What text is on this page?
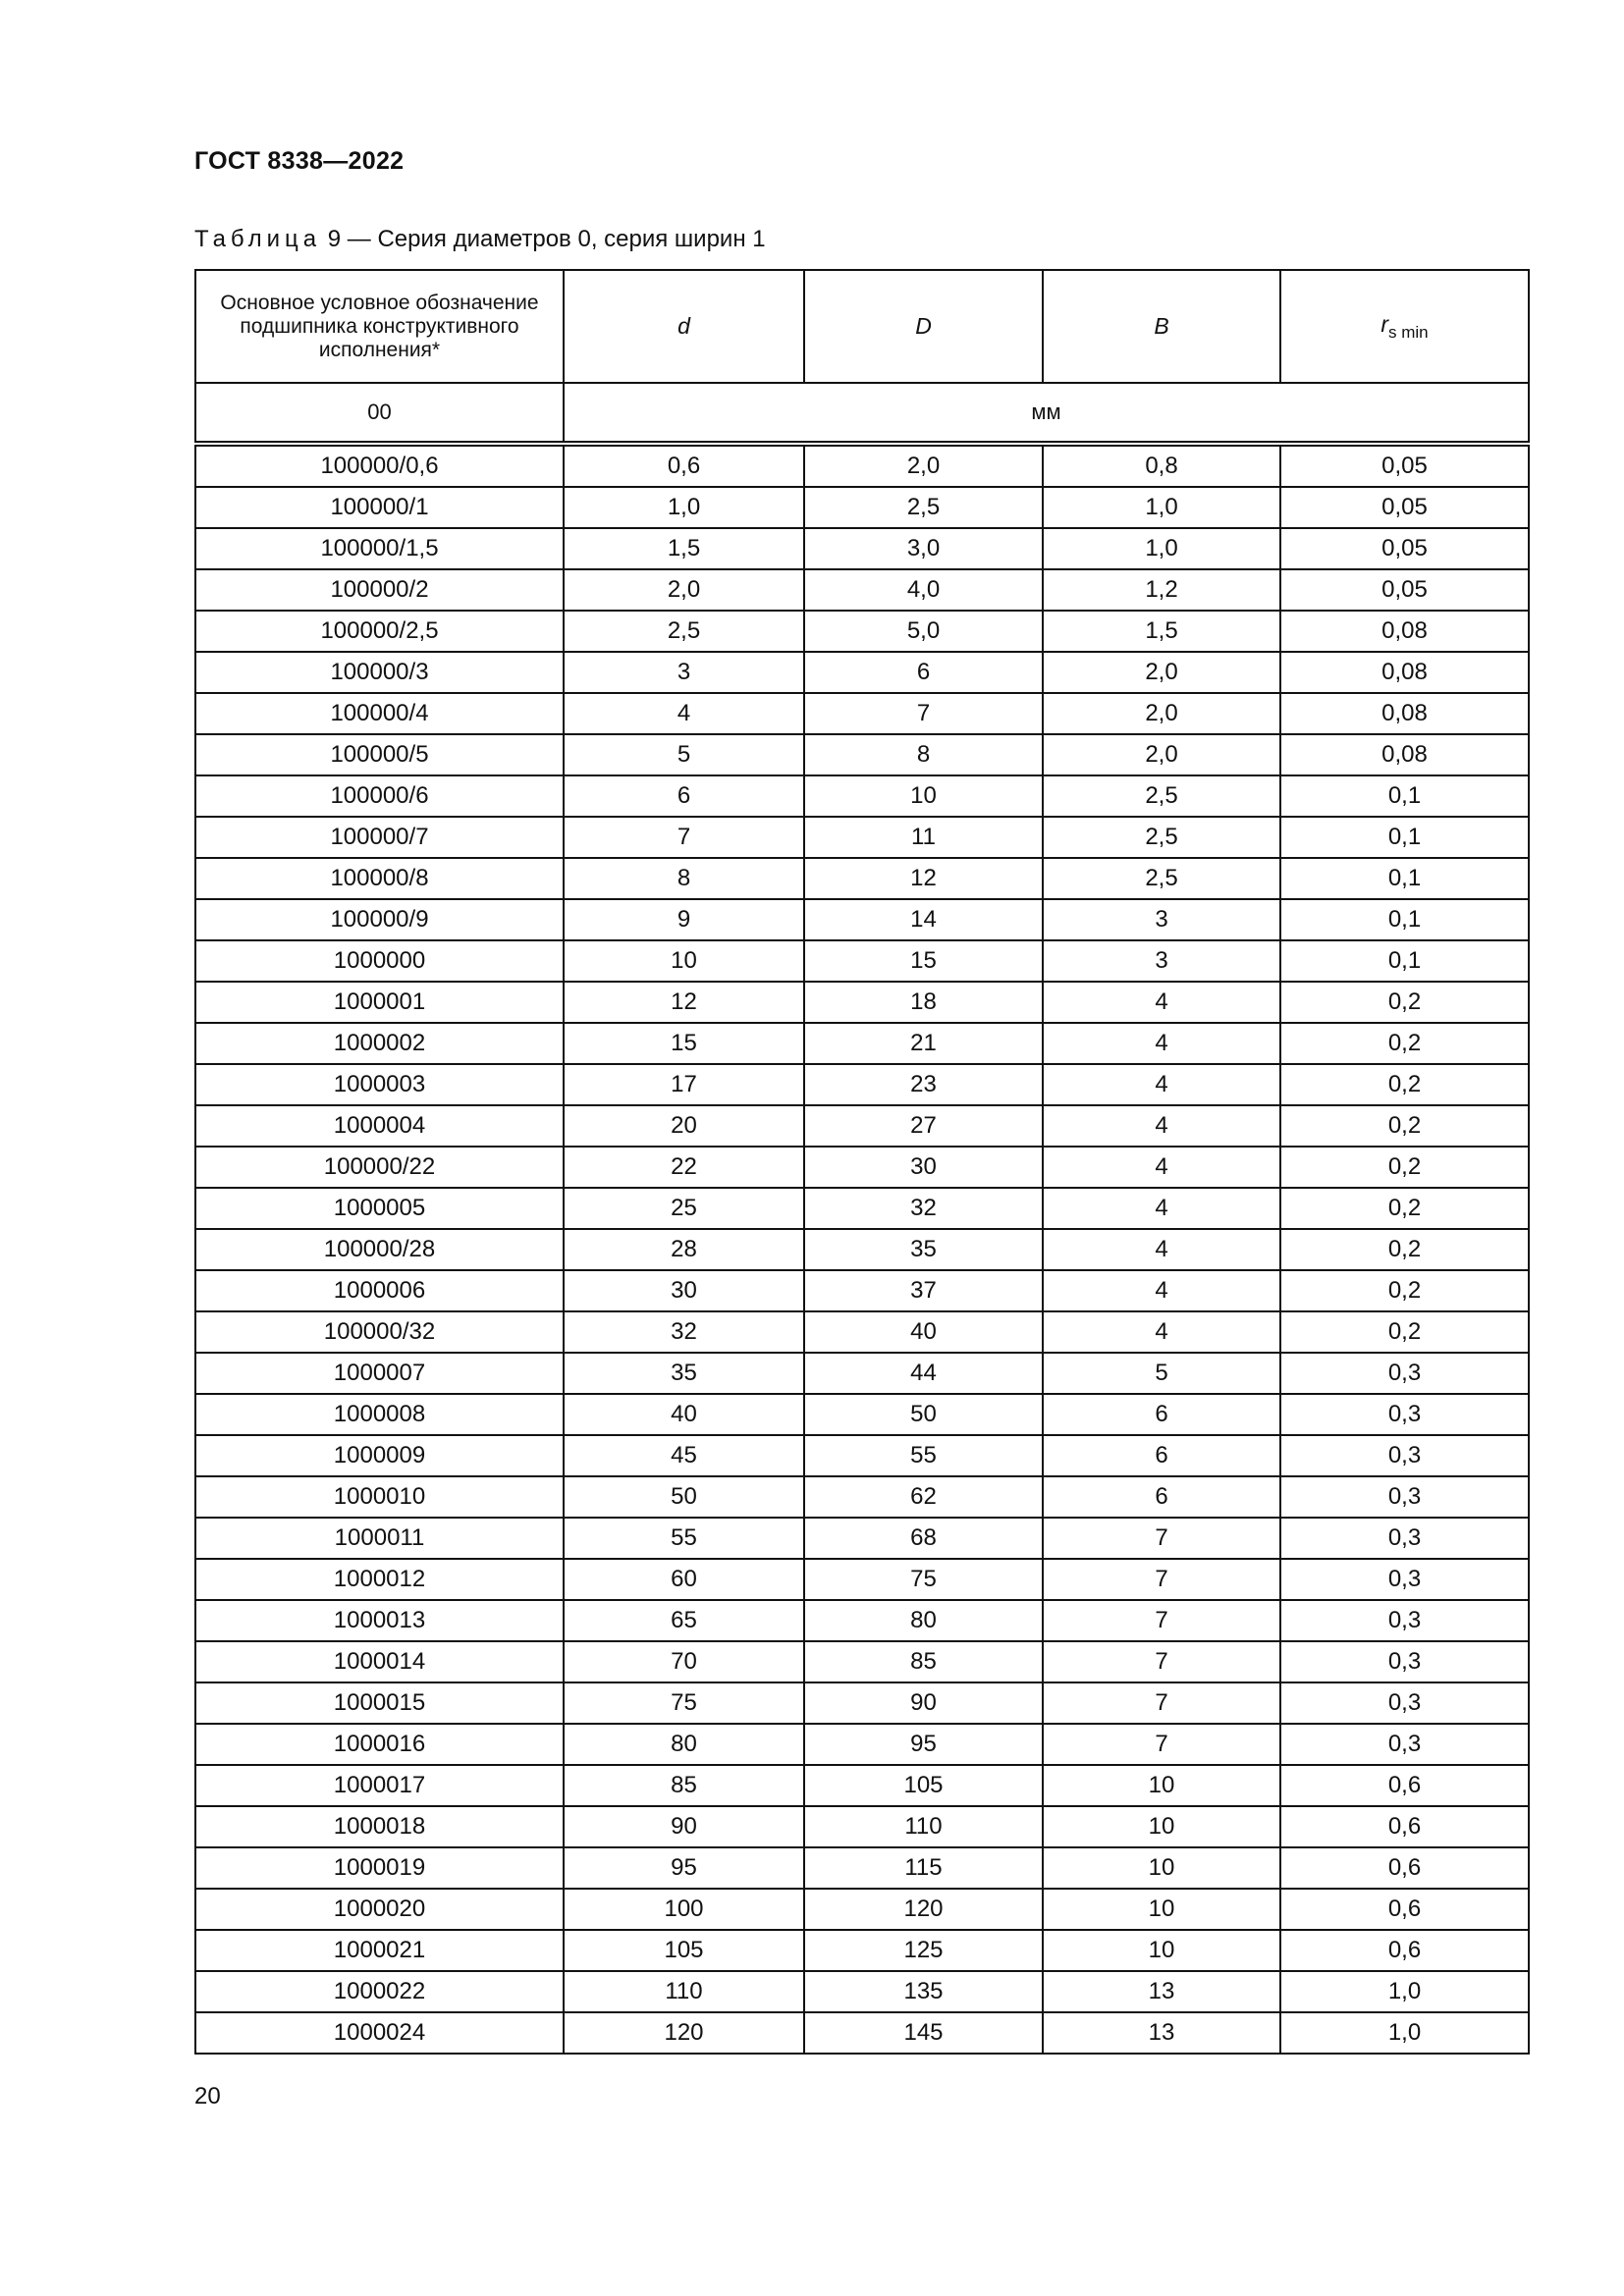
ГОСТ 8338—2022
Таблица 9 — Серия диаметров 0, серия ширин 1
Основное условное обозначение подшипника конструктивного исполнения*	d	D	B	$r_{s min}$
00	мм			
100000/0,6	0,6	2,0	0,8	0,05
100000/1	1,0	2,5	1,0	0,05
100000/1,5	1,5	3,0	1,0	0,05
100000/2	2,0	4,0	1,2	0,05
100000/2,5	2,5	5,0	1,5	0,08
100000/3	3	6	2,0	0,08
100000/4	4	7	2,0	0,08
100000/5	5	8	2,0	0,08
100000/6	6	10	2,5	0,1
100000/7	7	11	2,5	0,1
100000/8	8	12	2,5	0,1
100000/9	9	14	3	0,1
1000000	10	15	3	0,1
1000001	12	18	4	0,2
1000002	15	21	4	0,2
1000003	17	23	4	0,2
1000004	20	27	4	0,2
100000/22	22	30	4	0,2
1000005	25	32	4	0,2
100000/28	28	35	4	0,2
1000006	30	37	4	0,2
100000/32	32	40	4	0,2
1000007	35	44	5	0,3
1000008	40	50	6	0,3
1000009	45	55	6	0,3
1000010	50	62	6	0,3
1000011	55	68	7	0,3
1000012	60	75	7	0,3
1000013	65	80	7	0,3
1000014	70	85	7	0,3
1000015	75	90	7	0,3
1000016	80	95	7	0,3
1000017	85	105	10	0,6
1000018	90	110	10	0,6
1000019	95	115	10	0,6
1000020	100	120	10	0,6
1000021	105	125	10	0,6
1000022	110	135	13	1,0
1000024	120	145	13	1,0
20
